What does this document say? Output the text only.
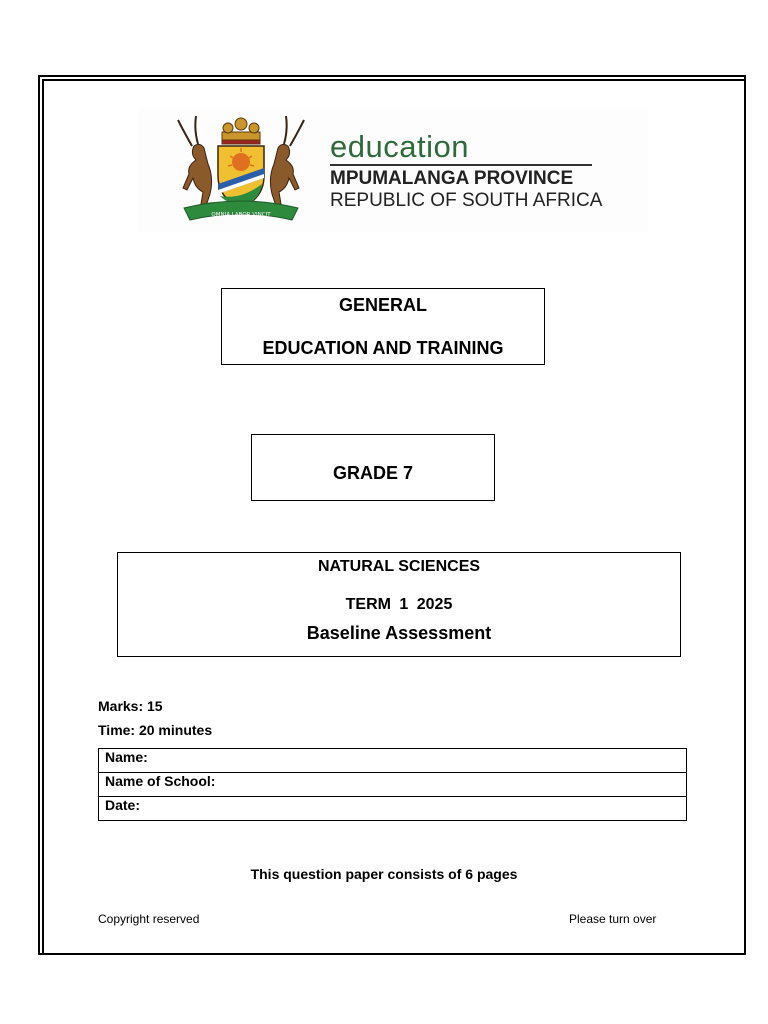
OMNIA LABOR VINCIT
education
MPUMALANGA PROVINCE
REPUBLIC OF SOUTH AFRICA
GENERAL
EDUCATION AND TRAINING
GRADE 7
NATURAL SCIENCES
TERM 1 2025
Baseline Assessment
Marks: 15
Time: 20 minutes
Name:
Name of School:
Date:
This question paper consists of 6 pages
Copyright reserved	Please turn over
